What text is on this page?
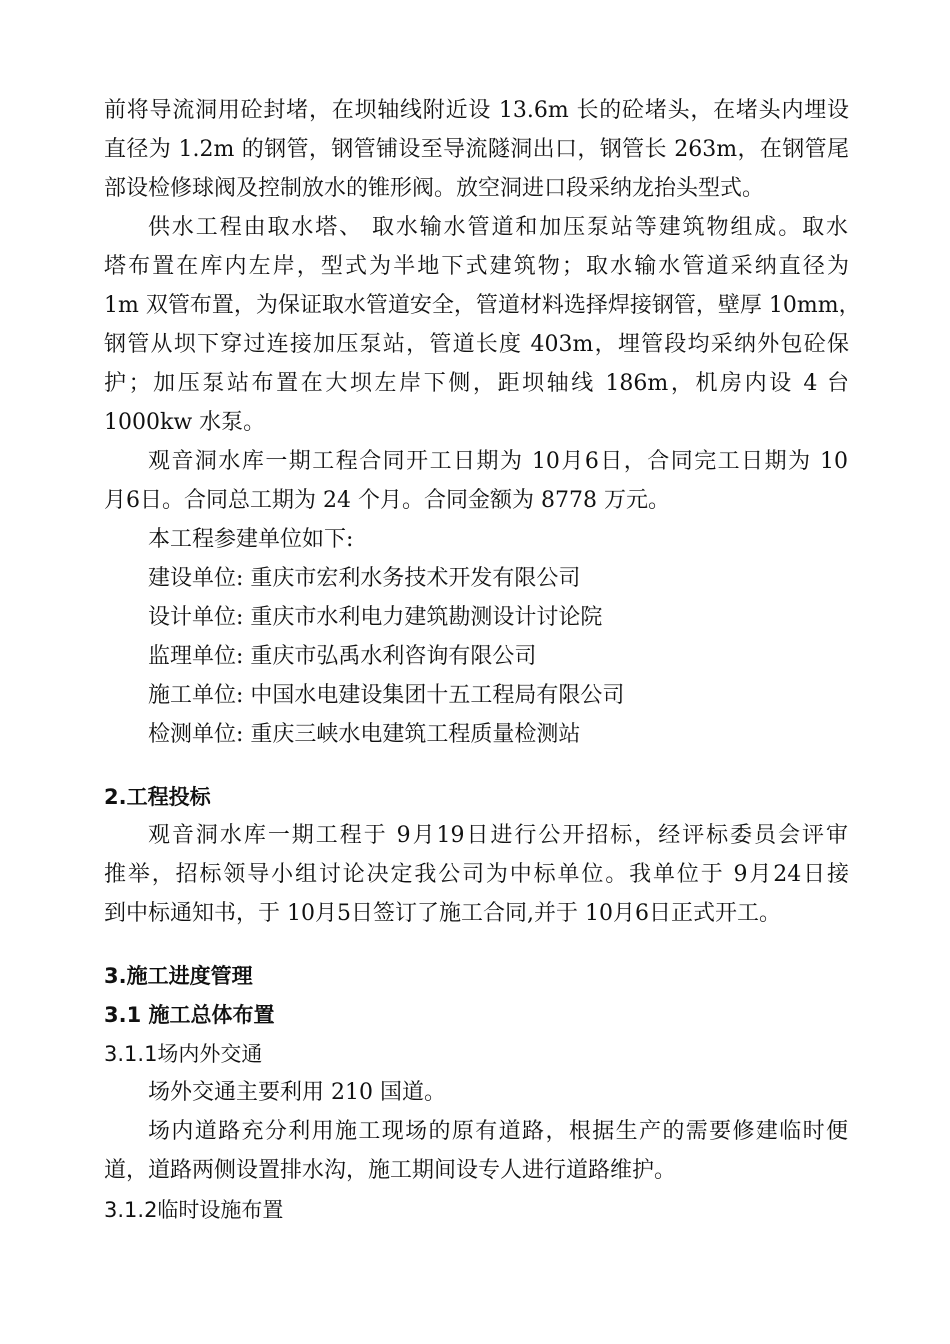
前将导流洞用砼封堵，在坝轴线附近设 13.6m 长的砼堵头，在堵头内埋设
直径为 1.2m 的钢管，钢管铺设至导流隧洞出口，钢管长 263m，在钢管尾
部设检修球阀及控制放水的锥形阀。放空洞进口段采纳龙抬头型式。
供水工程由取水塔、 取水输水管道和加压泵站等建筑物组成。取水
塔布置在库内左岸，型式为半地下式建筑物；取水输水管道采纳直径为
1m 双管布置，为保证取水管道安全，管道材料选择焊接钢管，壁厚 10mm，
钢管从坝下穿过连接加压泵站，管道长度 403m，埋管段均采纳外包砼保
护；加压泵站布置在大坝左岸下侧，距坝轴线 186m，机房内设 4 台
1000kw 水泵。
观音洞水库一期工程合同开工日期为 10月6日，合同完工日期为 10
月6日。合同总工期为 24 个月。合同金额为 8778 万元。
本工程参建单位如下:
建设单位: 重庆市宏利水务技术开发有限公司
设计单位: 重庆市水利电力建筑勘测设计讨论院
监理单位: 重庆市弘禹水利咨询有限公司
施工单位: 中国水电建设集团十五工程局有限公司
检测单位: 重庆三峡水电建筑工程质量检测站
2.工程投标
观音洞水库一期工程于 9月19日进行公开招标，经评标委员会评审
推举，招标领导小组讨论决定我公司为中标单位。我单位于 9月24日接
到中标通知书，于 10月5日签订了施工合同,并于 10月6日正式开工。
3.施工进度管理
3.1 施工总体布置
3.1.1场内外交通
场外交通主要利用 210 国道。
场内道路充分利用施工现场的原有道路，根据生产的需要修建临时便
道，道路两侧设置排水沟，施工期间设专人进行道路维护。
3.1.2临时设施布置
